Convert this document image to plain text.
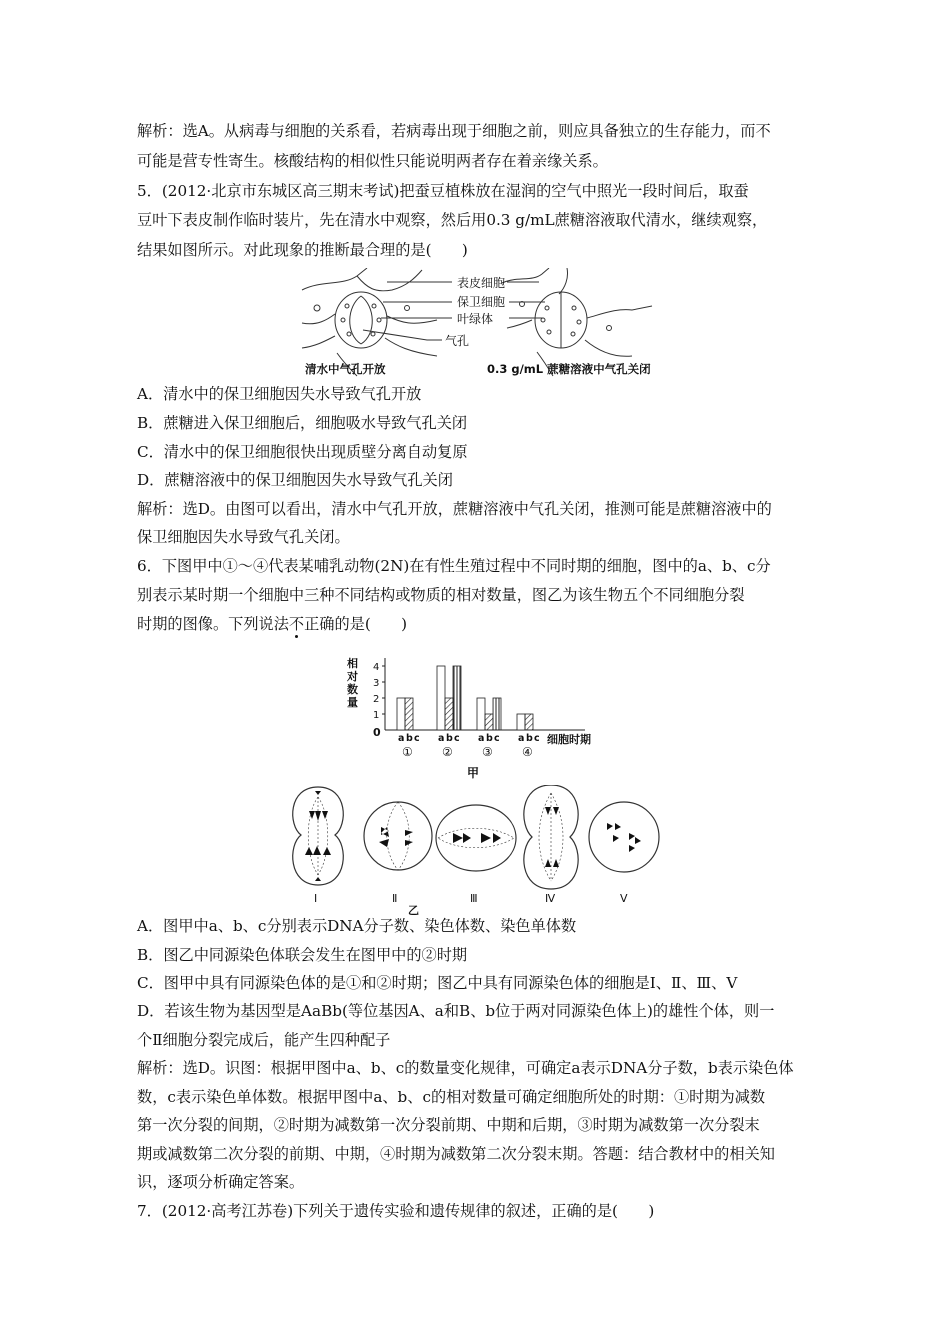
解析：选A。从病毒与细胞的关系看，若病毒出现于细胞之前，则应具备独立的生存能力，而不
可能是营专性寄生。核酸结构的相似性只能说明两者存在着亲缘关系。
5．(2012·北京市东城区高三期末考试)把蚕豆植株放在湿润的空气中照光一段时间后，取蚕
豆叶下表皮制作临时装片，先在清水中观察，然后用0.3 g/mL蔗糖溶液取代清水，继续观察，
结果如图所示。对此现象的推断最合理的是(　　)
表皮细胞
保卫细胞
叶绿体
气孔
清水中气孔开放	0.3 g/mL 蔗糖溶液中气孔关闭
A．清水中的保卫细胞因失水导致气孔开放
B．蔗糖进入保卫细胞后，细胞吸水导致气孔关闭
C．清水中的保卫细胞很快出现质壁分离自动复原
D．蔗糖溶液中的保卫细胞因失水导致气孔关闭
解析：选D。由图可以看出，清水中气孔开放，蔗糖溶液中气孔关闭，推测可能是蔗糖溶液中的
保卫细胞因失水导致气孔关闭。
6．下图甲中①～④代表某哺乳动物(2N)在有性生殖过程中不同时期的细胞，图中的a、b、c分
别表示某时期一个细胞中三种不同结构或物质的相对数量，图乙为该生物五个不同细胞分裂
时期的图像。下列说法不正确的是(　　)
0
1
2
3
4
相
对
数
量
细胞时期
a b c
①
a b c
②
a b c
③
a b c
④
甲
Ⅰ	Ⅱ	Ⅲ	Ⅳ	Ⅴ
乙
A．图甲中a、b、c分别表示DNA分子数、染色体数、染色单体数
B．图乙中同源染色体联会发生在图甲中的②时期
C．图甲中具有同源染色体的是①和②时期；图乙中具有同源染色体的细胞是Ⅰ、Ⅱ、Ⅲ、Ⅴ
D．若该生物为基因型是AaBb(等位基因A、a和B、b位于两对同源染色体上)的雄性个体，则一
个Ⅱ细胞分裂完成后，能产生四种配子
解析：选D。识图：根据甲图中a、b、c的数量变化规律，可确定a表示DNA分子数，b表示染色体
数，c表示染色单体数。根据甲图中a、b、c的相对数量可确定细胞所处的时期：①时期为减数
第一次分裂的间期，②时期为减数第一次分裂前期、中期和后期，③时期为减数第一次分裂末
期或减数第二次分裂的前期、中期，④时期为减数第二次分裂末期。答题：结合教材中的相关知
识，逐项分析确定答案。
7．(2012·高考江苏卷)下列关于遗传实验和遗传规律的叙述，正确的是(　　)
